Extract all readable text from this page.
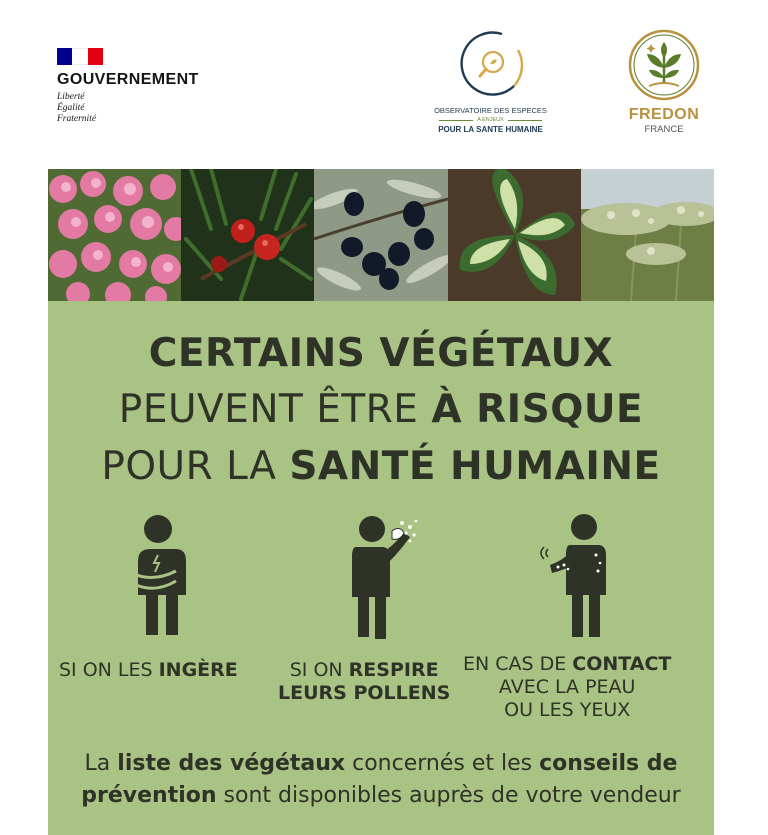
GOUVERNEMENT
Liberté
Égalité
Fraternité
OBSERVATOIRE DES ESPECES
A ENJEUX
POUR LA SANTE HUMAINE
FREDON
FRANCE
CERTAINS VÉGÉTAUX
PEUVENT ÊTRE À RISQUE
POUR LA SANTÉ HUMAINE
SI ON LES INGÈRE	SI ON RESPIRE
LEURS POLLENS
EN CAS DE CONTACT
AVEC LA PEAU
OU LES YEUX
La liste des végétaux concernés et les conseils de
prévention sont disponibles auprès de votre vendeur
